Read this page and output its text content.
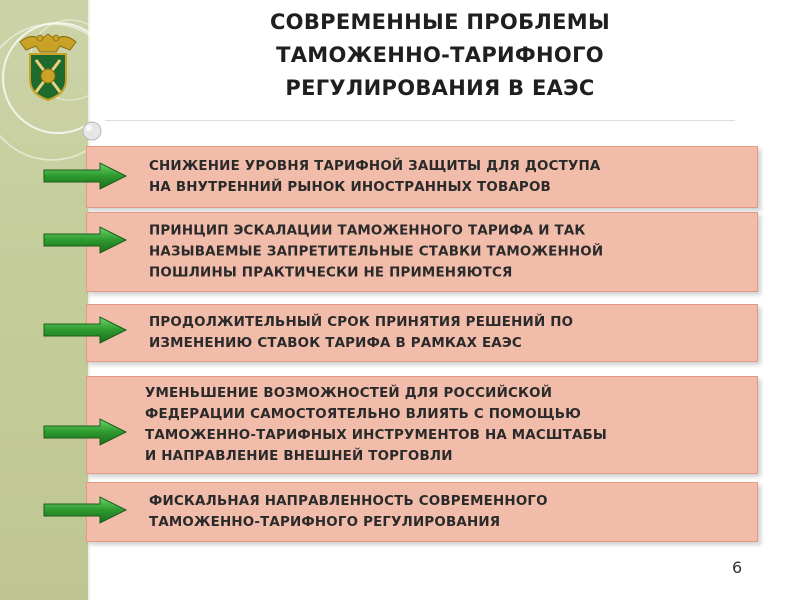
СОВРЕМЕННЫЕ ПРОБЛЕМЫ
ТАМОЖЕННО-ТАРИФНОГО
РЕГУЛИРОВАНИЯ В ЕАЭС
СНИЖЕНИЕ УРОВНЯ ТАРИФНОЙ ЗАЩИТЫ ДЛЯ ДОСТУПА
НА ВНУТРЕННИЙ РЫНОК ИНОСТРАННЫХ ТОВАРОВ
ПРИНЦИП ЭСКАЛАЦИИ ТАМОЖЕННОГО ТАРИФА И ТАК
НАЗЫВАЕМЫЕ ЗАПРЕТИТЕЛЬНЫЕ СТАВКИ ТАМОЖЕННОЙ
ПОШЛИНЫ ПРАКТИЧЕСКИ НЕ ПРИМЕНЯЮТСЯ
ПРОДОЛЖИТЕЛЬНЫЙ СРОК ПРИНЯТИЯ РЕШЕНИЙ ПО
ИЗМЕНЕНИЮ СТАВОК ТАРИФА В РАМКАХ ЕАЭС
УМЕНЬШЕНИЕ ВОЗМОЖНОСТЕЙ ДЛЯ РОССИЙСКОЙ
ФЕДЕРАЦИИ САМОСТОЯТЕЛЬНО ВЛИЯТЬ С ПОМОЩЬЮ
ТАМОЖЕННО-ТАРИФНЫХ ИНСТРУМЕНТОВ НА МАСШТАБЫ
И НАПРАВЛЕНИЕ ВНЕШНЕЙ ТОРГОВЛИ
ФИСКАЛЬНАЯ НАПРАВЛЕННОСТЬ СОВРЕМЕННОГО
ТАМОЖЕННО-ТАРИФНОГО РЕГУЛИРОВАНИЯ
6
